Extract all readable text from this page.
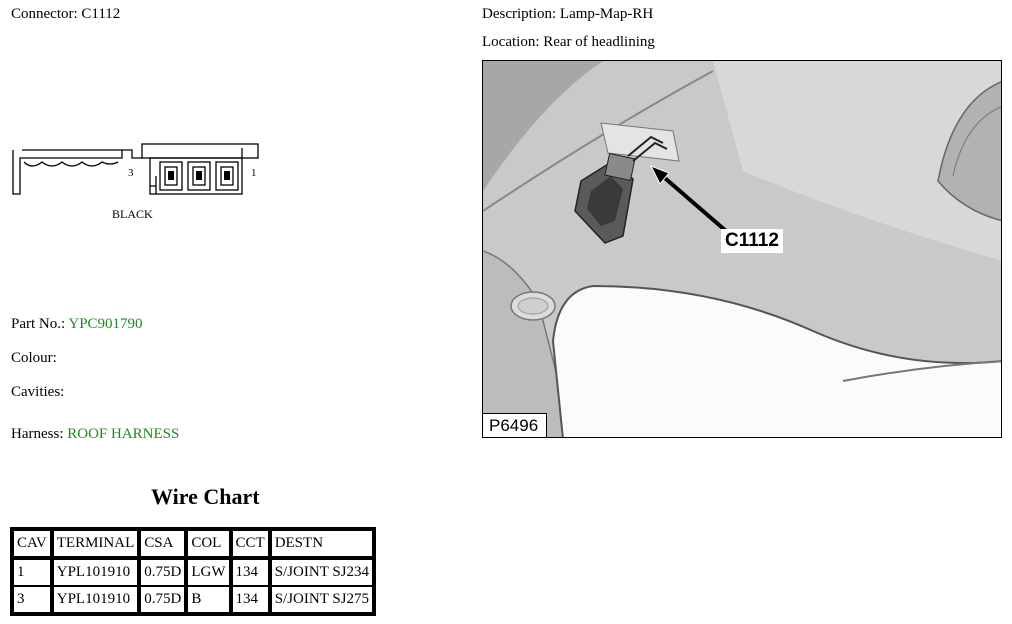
Connector: C1112	Description: Lamp-Map-RH
Location: Rear of headlining
3	1
BLACK
Part No.: YPC901790
Colour:
Cavities:
Harness: ROOF HARNESS
Wire Chart
CAV	TERMINAL	CSA	COL	CCT	DESTN
1	YPL101910	0.75D	LGW	134	S/JOINT SJ234
3	YPL101910	0.75D	B	134	S/JOINT SJ275
C1112
P6496
